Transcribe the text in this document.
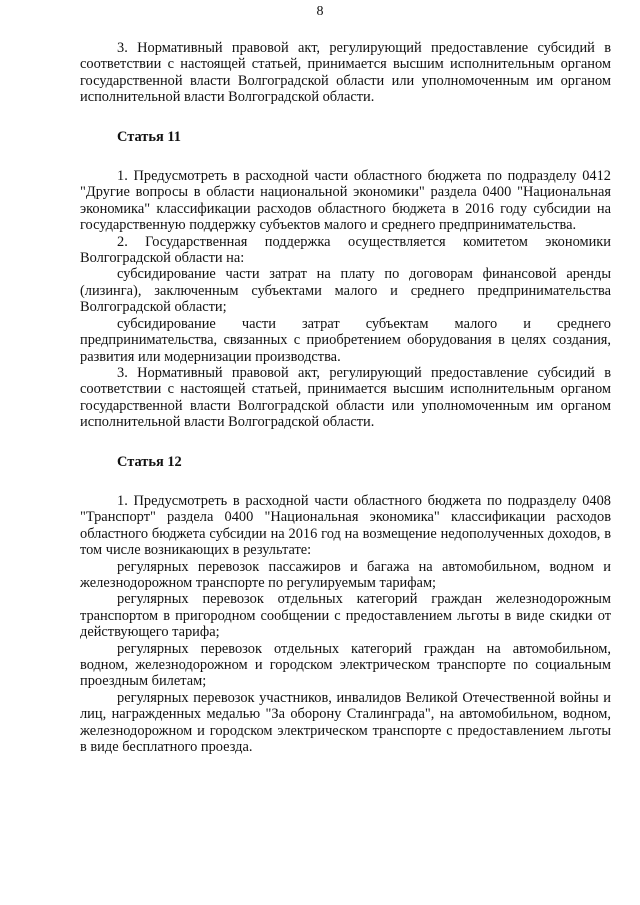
8

3. Нормативный правовой акт, регулирующий предоставление субсидий в соответствии с настоящей статьей, принимается высшим исполнительным органом государственной власти Волгоградской области или уполномоченным им органом исполнительной власти Волгоградской области.

Статья 11

1. Предусмотреть в расходной части областного бюджета по подразделу 0412 "Другие вопросы в области национальной экономики" раздела 0400 "Национальная экономика" классификации расходов областного бюджета в 2016 году субсидии на государственную поддержку субъектов малого и среднего предпринимательства.

2. Государственная поддержка осуществляется комитетом экономики Волгоградской области на:

субсидирование части затрат на плату по договорам финансовой аренды (лизинга), заключенным субъектами малого и среднего предпринимательства Волгоградской области;

субсидирование части затрат субъектам малого и среднего предпринимательства, связанных с приобретением оборудования в целях создания, развития или модернизации производства.

3. Нормативный правовой акт, регулирующий предоставление субсидий в соответствии с настоящей статьей, принимается высшим исполнительным органом государственной власти Волгоградской области или уполномоченным им органом исполнительной власти Волгоградской области.

Статья 12

1. Предусмотреть в расходной части областного бюджета по подразделу 0408 "Транспорт" раздела 0400 "Национальная экономика" классификации расходов областного бюджета субсидии на 2016 год на возмещение недополученных доходов, в том числе возникающих в результате:

регулярных перевозок пассажиров и багажа на автомобильном, водном и железнодорожном транспорте по регулируемым тарифам;

регулярных перевозок отдельных категорий граждан железнодорожным транспортом в пригородном сообщении с предоставлением льготы в виде скидки от действующего тарифа;

регулярных перевозок отдельных категорий граждан на автомобильном, водном, железнодорожном и городском электрическом транспорте по социальным проездным билетам;

регулярных перевозок участников, инвалидов Великой Отечественной войны и лиц, награжденных медалью "За оборону Сталинграда", на автомобильном, водном, железнодорожном и городском электрическом транспорте с предоставлением льготы в виде бесплатного проезда.
